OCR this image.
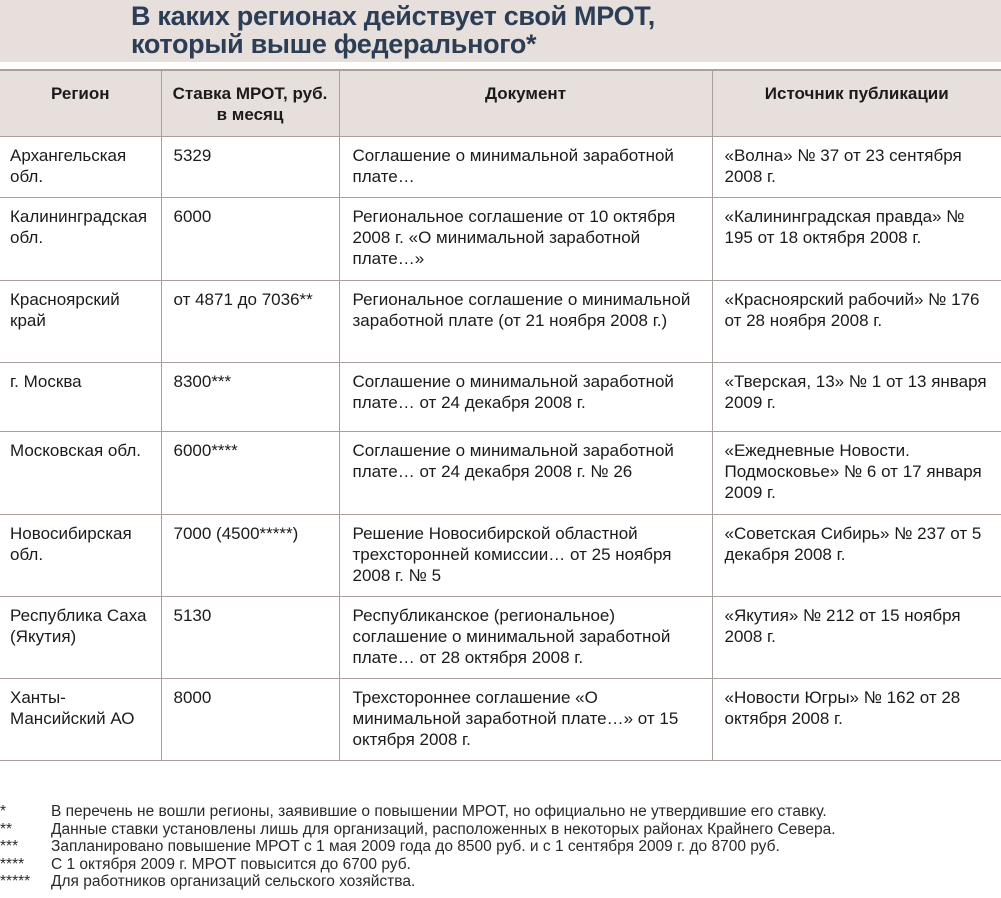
В каких регионах действует свой МРОТ,
который выше федерального*
Регион	Ставка МРОТ, руб. в месяц	Документ	Источник публикации
Архангельская обл.	5329	Соглашение о минимальной заработной плате…	«Волна» № 37 от 23 сентября 2008 г.
Калининградская обл.	6000	Региональное соглашение от 10 октября 2008 г. «О минимальной заработной плате…»	«Калининградская правда» № 195 от 18 октября 2008 г.
Красноярский край	от 4871 до 7036**	Региональное соглашение о минимальной заработной плате (от 21 ноября 2008 г.)	«Красноярский рабочий» № 176 от 28 ноября 2008 г.
г. Москва	8300***	Соглашение о минимальной заработной плате… от 24 декабря 2008 г.	«Тверская, 13» № 1 от 13 января 2009 г.
Московская обл.	6000****	Соглашение о минимальной заработной плате… от 24 декабря 2008 г. № 26	«Ежедневные Новости. Подмосковье» № 6 от 17 января 2009 г.
Новосибирская обл.	7000 (4500*****)	Решение Новосибирской областной трехсторонней комиссии… от 25 ноября 2008 г. № 5	«Советская Сибирь» № 237 от 5 декабря 2008 г.
Республика Саха (Якутия)	5130	Республиканское (региональное) соглашение о минимальной заработной плате… от 28 октября 2008 г.	«Якутия» № 212 от 15 ноября 2008 г.
Ханты-Мансийский АО	8000	Трехстороннее соглашение «О минимальной заработной плате…» от 15 октября 2008 г.	«Новости Югры» № 162 от 28 октября 2008 г.
*	В перечень не вошли регионы, заявившие о повышении МРОТ, но официально не утвердившие его ставку.
**	Данные ставки установлены лишь для организаций, расположенных в некоторых районах Крайнего Севера.
*** Запланировано повышение МРОТ с 1 мая 2009 года до 8500 руб. и с 1 сентября 2009 г. до 8700 руб.
**** С 1 октября 2009 г. МРОТ повысится до 6700 руб.
***** Для работников организаций сельского хозяйства.
